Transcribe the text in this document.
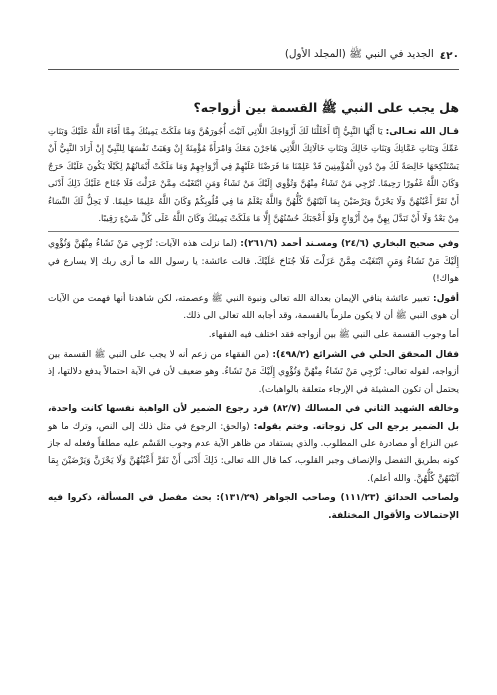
٤٢٠
الجديد في النبي ﷺ (المجلد الأول)
هل يجب على النبي ﷺ القسمة بين أزواجه؟

قـال الله تعـالى: يَا أَيُّهَا النَّبِيُّ إِنَّا أَحْلَلْنَا لَكَ أَزْوَاجَكَ اللَّاتِي آتَيْتَ أُجُورَهُنَّ وَمَا مَلَكَتْ يَمِينُكَ مِمَّا أَفَاءَ اللَّهُ عَلَيْكَ وَبَنَاتِ عَمِّكَ وَبَنَاتِ عَمَّاتِكَ وَبَنَاتِ خَالِكَ وَبَنَاتِ خَالَاتِكَ اللَّاتِي هَاجَرْنَ مَعَكَ وَامْرَأَةً مُؤْمِنَةً إِنْ وَهَبَتْ نَفْسَهَا لِلنَّبِيِّ إِنْ أَرَادَ النَّبِيُّ أَنْ يَسْتَنْكِحَهَا خَالِصَةً لَكَ مِنْ دُونِ الْمُؤْمِنِينَ قَدْ عَلِمْنَا مَا فَرَضْنَا عَلَيْهِمْ فِي أَزْوَاجِهِمْ وَمَا مَلَكَتْ أَيْمَانُهُمْ لِكَيْلَا يَكُونَ عَلَيْكَ حَرَجٌ وَكَانَ اللَّهُ غَفُورًا رَحِيمًا. تُرْجِي مَنْ تَشَاءُ مِنْهُنَّ وَتُؤْوِي إِلَيْكَ مَنْ تَشَاءُ وَمَنِ ابْتَغَيْتَ مِمَّنْ عَزَلْتَ فَلَا جُنَاحَ عَلَيْكَ ذَلِكَ أَدْنَى أَنْ تَقَرَّ أَعْيُنُهُنَّ وَلَا يَحْزَنَّ وَيَرْضَيْنَ بِمَا آتَيْتَهُنَّ كُلُّهُنَّ وَاللَّهُ يَعْلَمُ مَا فِي قُلُوبِكُمْ وَكَانَ اللَّهُ عَلِيمًا حَلِيمًا. لَا يَحِلُّ لَكَ النِّسَاءُ مِنْ بَعْدُ وَلَا أَنْ تَبَدَّلَ بِهِنَّ مِنْ أَزْوَاجٍ وَلَوْ أَعْجَبَكَ حُسْنُهُنَّ إِلَّا مَا مَلَكَتْ يَمِينُكَ وَكَانَ اللَّهُ عَلَى كُلِّ شَيْءٍ رَقِيبًا.

وفي صحيح البخاري (٢٤/٦) ومسـند أحمد (٢٦١/٦): (لما نزلت هذه الآيات: تُرْجِي مَنْ تَشَاءُ مِنْهُنَّ وَتُؤْوِي إِلَيْكَ مَنْ تَشَاءُ وَمَنِ ابْتَغَيْتَ مِمَّنْ عَزَلْتَ فَلَا جُنَاحَ عَلَيْكَ. قالت عائشة: يا رسول الله ما أرى ربك إلا يسارع في هواك!)

أقول: تعبير عائشة ينافي الإيمان بعدالة الله تعالى ونبوة النبي ﷺ وعصمته، لكن شاهدنا أنها فهمت من الآيات أن هوى النبي ﷺ أن لا يكون ملزماً بالقسمة، وقد أجابه الله تعالى الى ذلك.

أما وجوب القسمة على النبي ﷺ بين أزواجه فقد اختلف فيه الفقهاء.

فقال المحقق الحلي في الشرائع (٤٩٨/٢): (من الفقهاء من زعم أنه لا يجب على النبي ﷺ القسمة بين أزواجه، لقوله تعالى: تُرْجِي مَنْ تَشَاءُ مِنْهُنَّ وَتُؤْوِي إِلَيْكَ مَنْ تَشَاءُ. وهو ضعيف لأن في الآية احتمالاً يدفع دلالتها، إذ يحتمل أن تكون المشيئة في الإرجاء متعلقة بالواهبات).

وخالفه الشهيد الثاني في المسالك (٨٢/٧) فرد رجوع الضمير لأن الواهبة نفسها كانت واحدة، بل الضمير يرجع الى كل زوجاته. وختم بقوله: (والحق: الرجوع في مثل ذلك إلى النص، وترك ما هو عين النزاع أو مصادرة على المطلوب. والذي يستفاد من ظاهر الآية عدم وجوب القَسْم عليه مطلقاً وفعله له جاز كونه بطريق التفضل والإنصاف وجبر القلوب، كما قال الله تعالى: ذَلِكَ أَدْنَى أَنْ تَقَرَّ أَعْيُنُهُنَّ وَلَا يَحْزَنَّ وَيَرْضَيْنَ بِمَا آتَيْتَهُنَّ كُلُّهُنَّ. والله أعلم).

ولصاحب الحدائق (١١١/٢٣) وصاحب الجواهر (١٣١/٢٩): بحث مفصل في المسألة، ذكروا فيه الإحتمالات والأقوال المختلفة.
